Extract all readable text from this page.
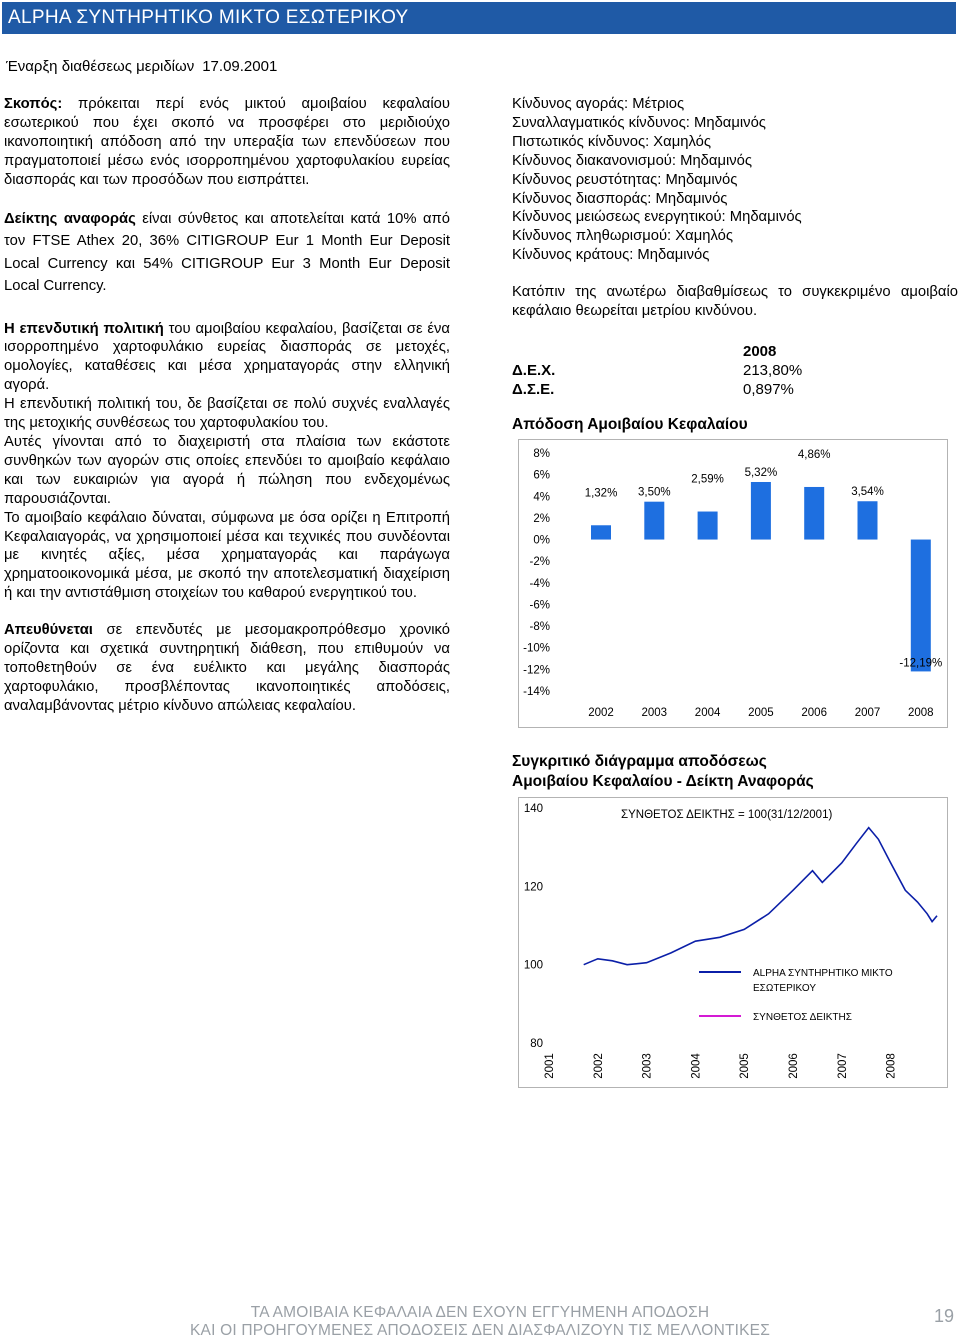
ALPHA ΣΥΝΤΗΡΗΤΙΚΟ ΜΙΚΤΟ ΕΣΩΤΕΡΙΚΟΥ
Έναρξη διαθέσεως μεριδίων 17.09.2001

Σκοπός: πρόκειται περί ενός μικτού αμοιβαίου κεφαλαίου εσωτερικού που έχει σκοπό να προσφέρει στο μεριδιούχο ικανοποιητική απόδοση από την υπεραξία των επενδύσεων που πραγματοποιεί μέσω ενός ισορροπημένου χαρτοφυλακίου ευρείας διασποράς και των προσόδων που εισπράττει.

Δείκτης αναφοράς είναι σύνθετος και αποτελείται κατά 10% από τον FTSE Athex 20, 36% CITIGROUP Eur 1 Month Eur Deposit Local Currency και 54% CITIGROUP Eur 3 Month Eur Deposit Local Currency.

Η επενδυτική πολιτική του αμοιβαίου κεφαλαίου, βασίζεται σε ένα ισορροπημένο χαρτοφυλάκιο ευρείας διασποράς σε μετοχές, ομολογίες, καταθέσεις και μέσα χρηματαγοράς στην ελληνική αγορά.

Η επενδυτική πολιτική του, δε βασίζεται σε πολύ συχνές εναλλαγές της μετοχικής συνθέσεως του χαρτοφυλακίου του.

Αυτές γίνονται από το διαχειριστή στα πλαίσια των εκάστοτε συνθηκών των αγορών στις οποίες επενδύει το αμοιβαίο κεφάλαιο και των ευκαιριών για αγορά ή πώληση που ενδεχομένως παρουσιάζονται.

Το αμοιβαίο κεφάλαιο δύναται, σύμφωνα με όσα ορίζει η Επιτροπή Κεφαλαιαγοράς, να χρησιμοποιεί μέσα και τεχνικές που συνδέονται με κινητές αξίες, μέσα χρηματαγοράς και παράγωγα χρηματοοικονομικά μέσα, με σκοπό την αποτελεσματική διαχείριση ή και την αντιστάθμιση στοιχείων του καθαρού ενεργητικού του.

Απευθύνεται σε επενδυτές με μεσομακροπρόθεσμο χρονικό ορίζοντα και σχετικά συντηρητική διάθεση, που επιθυμούν να τοποθετηθούν σε ένα ευέλικτο και μεγάλης διασποράς χαρτοφυλάκιο, προσβλέποντας ικανοποιητικές αποδόσεις, αναλαμβάνοντας μέτριο κίνδυνο απώλειας κεφαλαίου.

Κίνδυνος αγοράς: Μέτριος
Συναλλαγματικός κίνδυνος: Μηδαμινός
Πιστωτικός κίνδυνος: Χαμηλός
Κίνδυνος διακανονισμού: Μηδαμινός
Κίνδυνος ρευστότητας: Μηδαμινός
Κίνδυνος διασποράς: Μηδαμινός
Κίνδυνος μειώσεως ενεργητικού: Μηδαμινός
Κίνδυνος πληθωρισμού: Χαμηλός
Κίνδυνος κράτους: Μηδαμινός
Κατόπιν της ανωτέρω διαβαθμίσεως το συγκεκριμένο αμοιβαίο κεφάλαιο θεωρείται μετρίου κινδύνου.
2008
Δ.Ε.Χ.	213,80%
Δ.Σ.Ε.	0,897%
Απόδοση Αμοιβαίου Κεφαλαίου
8%
6%
4%
2%
0%
-2%
-4%
-6%
-8%
-10%
-12%
-14%
1,32%
2002
3,50%
2003
2,59%
2004
5,32%
2005
4,86%
2006
3,54%
2007
-12,19%
2008
Συγκριτικό διάγραμμα αποδόσεως
Αμοιβαίου Κεφαλαίου - Δείκτη Αναφοράς
140
120
100
80
2001	2002	2003	2004	2005	2006	2007	2008
ΣΥΝΘΕΤΟΣ ΔΕΙΚΤΗΣ = 100(31/12/2001)
ALPHA ΣΥΝΤΗΡΗΤΙΚΟ ΜΙΚΤΟ
ΕΣΩΤΕΡΙΚΟΥ
ΣΥΝΘΕΤΟΣ ΔΕΙΚΤΗΣ
ΤΑ ΑΜΟΙΒΑΙΑ ΚΕΦΑΛΑΙΑ ΔΕΝ ΕΧΟΥΝ ΕΓΓΥΗΜΕΝΗ ΑΠΟΔΟΣΗ
ΚΑΙ ΟΙ ΠΡΟΗΓΟΥΜΕΝΕΣ ΑΠΟΔΟΣΕΙΣ ΔΕΝ ΔΙΑΣΦΑΛΙΖΟΥΝ ΤΙΣ ΜΕΛΛΟΝΤΙΚΕΣ
19
